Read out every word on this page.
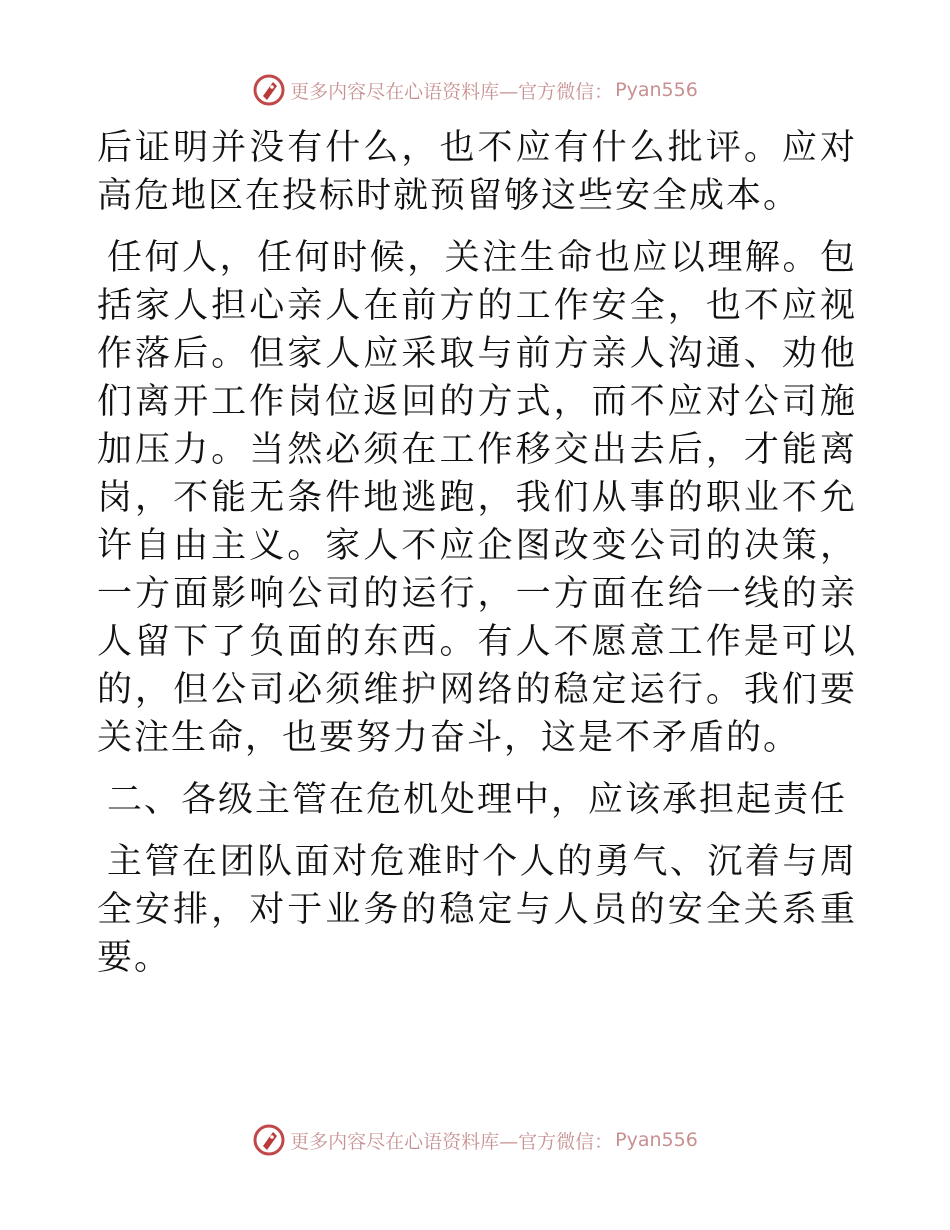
更多内容尽在心语资料库—官方微信： Pyan556

后证明并没有什么，也不应有什么批评。应对高危地区在投标时就预留够这些安全成本。

任何人，任何时候，关注生命也应以理解。包括家人担心亲人在前方的工作安全，也不应视作落后。但家人应采取与前方亲人沟通、劝他们离开工作岗位返回的方式，而不应对公司施加压力。当然必须在工作移交出去后，才能离岗，不能无条件地逃跑，我们从事的职业不允许自由主义。家人不应企图改变公司的决策，一方面影响公司的运行，一方面在给一线的亲人留下了负面的东西。有人不愿意工作是可以的，但公司必须维护网络的稳定运行。我们要关注生命，也要努力奋斗，这是不矛盾的。

二、各级主管在危机处理中，应该承担起责任

主管在团队面对危难时个人的勇气、沉着与周全安排，对于业务的稳定与人员的安全关系重要。

更多内容尽在心语资料库—官方微信： Pyan556
